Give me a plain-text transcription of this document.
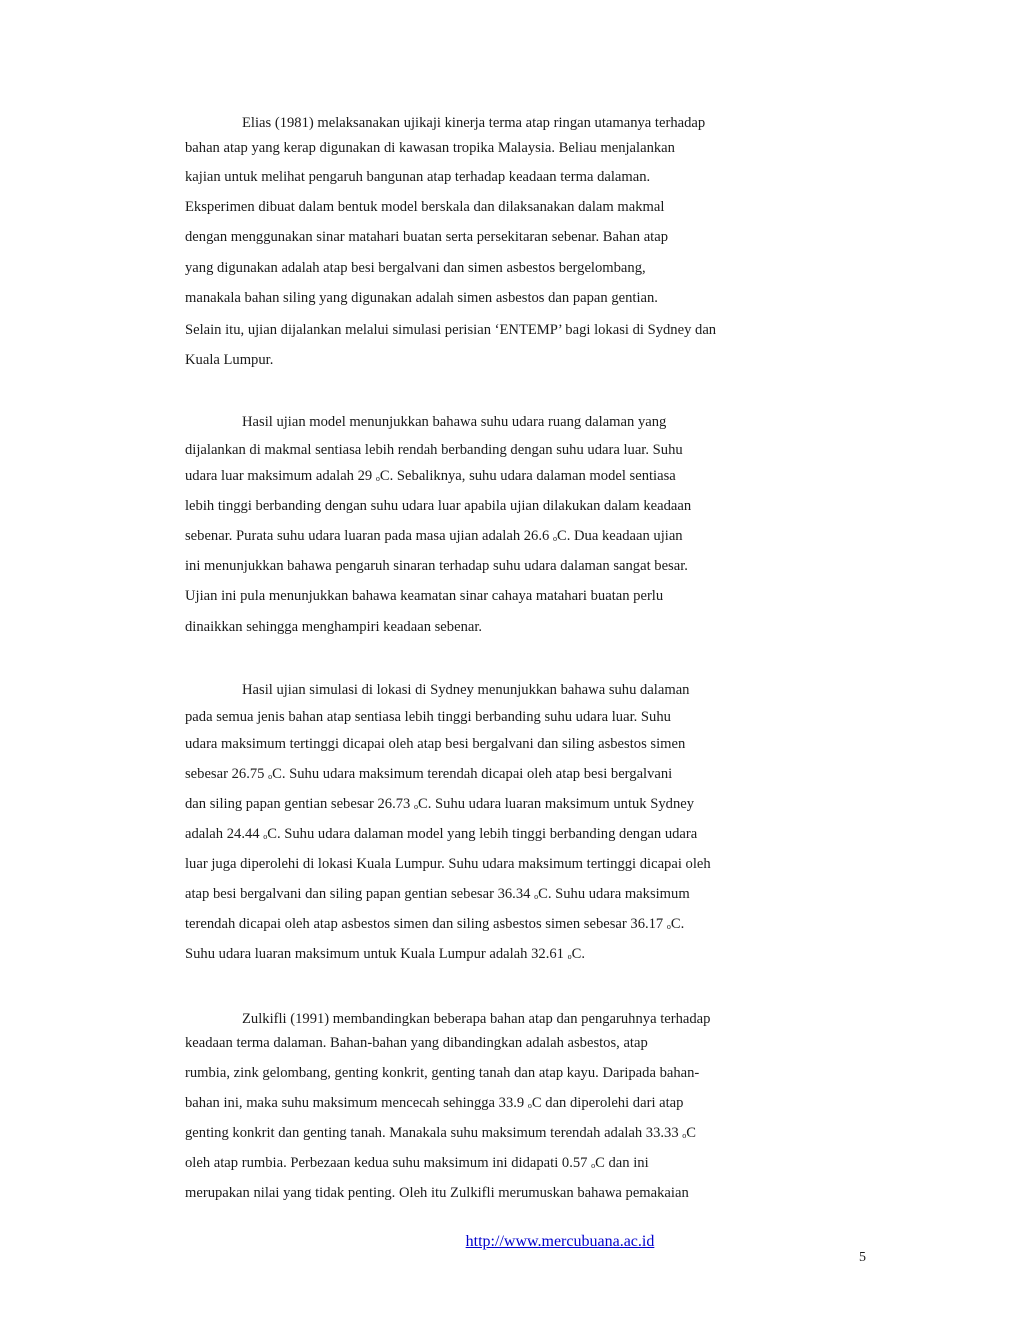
Elias (1981) melaksanakan ujikaji kinerja terma atap ringan utamanya terhadap
bahan atap yang kerap digunakan di kawasan tropika Malaysia. Beliau menjalankan
kajian untuk melihat pengaruh bangunan atap terhadap keadaan terma dalaman.
Eksperimen dibuat dalam bentuk model berskala dan dilaksanakan dalam makmal
dengan menggunakan sinar matahari buatan serta persekitaran sebenar. Bahan atap
yang digunakan adalah atap besi bergalvani dan simen asbestos bergelombang,
manakala bahan siling yang digunakan adalah simen asbestos dan papan gentian.
Selain itu, ujian dijalankan melalui simulasi perisian ‘ENTEMP’ bagi lokasi di Sydney dan
Kuala Lumpur.
Hasil ujian model menunjukkan bahawa suhu udara ruang dalaman yang
dijalankan di makmal sentiasa lebih rendah berbanding dengan suhu udara luar. Suhu
udara luar maksimum adalah 29 $^o$C. Sebaliknya, suhu udara dalaman model sentiasa
lebih tinggi berbanding dengan suhu udara luar apabila ujian dilakukan dalam keadaan
sebenar. Purata suhu udara luaran pada masa ujian adalah 26.6 $^o$C. Dua keadaan ujian
ini menunjukkan bahawa pengaruh sinaran terhadap suhu udara dalaman sangat besar.
Ujian ini pula menunjukkan bahawa keamatan sinar cahaya matahari buatan perlu
dinaikkan sehingga menghampiri keadaan sebenar.
Hasil ujian simulasi di lokasi di Sydney menunjukkan bahawa suhu dalaman
pada semua jenis bahan atap sentiasa lebih tinggi berbanding suhu udara luar. Suhu
udara maksimum tertinggi dicapai oleh atap besi bergalvani dan siling asbestos simen
sebesar 26.75 $^o$C. Suhu udara maksimum terendah dicapai oleh atap besi bergalvani
dan siling papan gentian sebesar 26.73 $^o$C. Suhu udara luaran maksimum untuk Sydney
adalah 24.44 $^o$C. Suhu udara dalaman model yang lebih tinggi berbanding dengan udara
luar juga diperolehi di lokasi Kuala Lumpur. Suhu udara maksimum tertinggi dicapai oleh
atap besi bergalvani dan siling papan gentian sebesar 36.34 $^o$C. Suhu udara maksimum
terendah dicapai oleh atap asbestos simen dan siling asbestos simen sebesar 36.17 $^o$C.
Suhu udara luaran maksimum untuk Kuala Lumpur adalah 32.61 $^o$C.
Zulkifli (1991) membandingkan beberapa bahan atap dan pengaruhnya terhadap
keadaan terma dalaman. Bahan-bahan yang dibandingkan adalah asbestos, atap
rumbia, zink gelombang, genting konkrit, genting tanah dan atap kayu. Daripada bahan-
bahan ini, maka suhu maksimum mencecah sehingga 33.9 $^o$C dan diperolehi dari atap
genting konkrit dan genting tanah. Manakala suhu maksimum terendah adalah 33.33 $^o$C
oleh atap rumbia. Perbezaan kedua suhu maksimum ini didapati 0.57 $^o$C dan ini
merupakan nilai yang tidak penting. Oleh itu Zulkifli merumuskan bahawa pemakaian
http://www.mercubuana.ac.id
5
